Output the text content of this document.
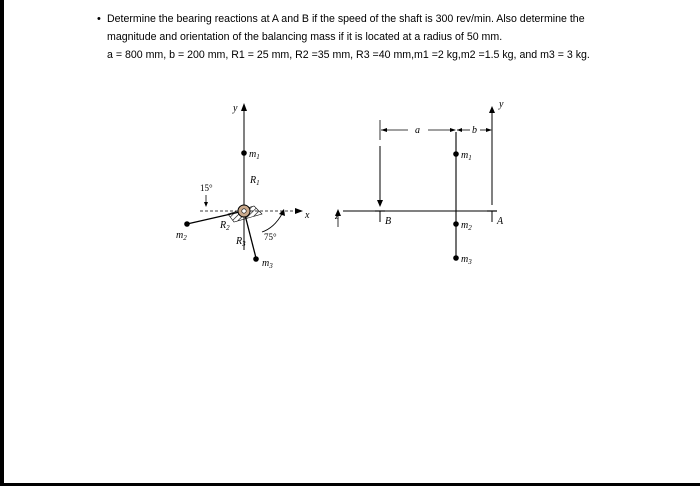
• Determine the bearing reactions at A and B if the speed of the shaft is 300 rev/min. Also determine the magnitude and orientation of the balancing mass if it is located at a radius of 50 mm.

a = 800 mm, b = 200 mm, R1 = 25 mm, R2 =35 mm, R3 =40 mm,m1 =2 kg,m2 =1.5 kg, and m3 = 3 kg.

y
x
$m_1$
$R_1$
15°
$m_2$
$R_2$
$m_3$
$R_3$
75°
z
a	b
y
B	A
$m_1$
$m_2$
$m_3$
